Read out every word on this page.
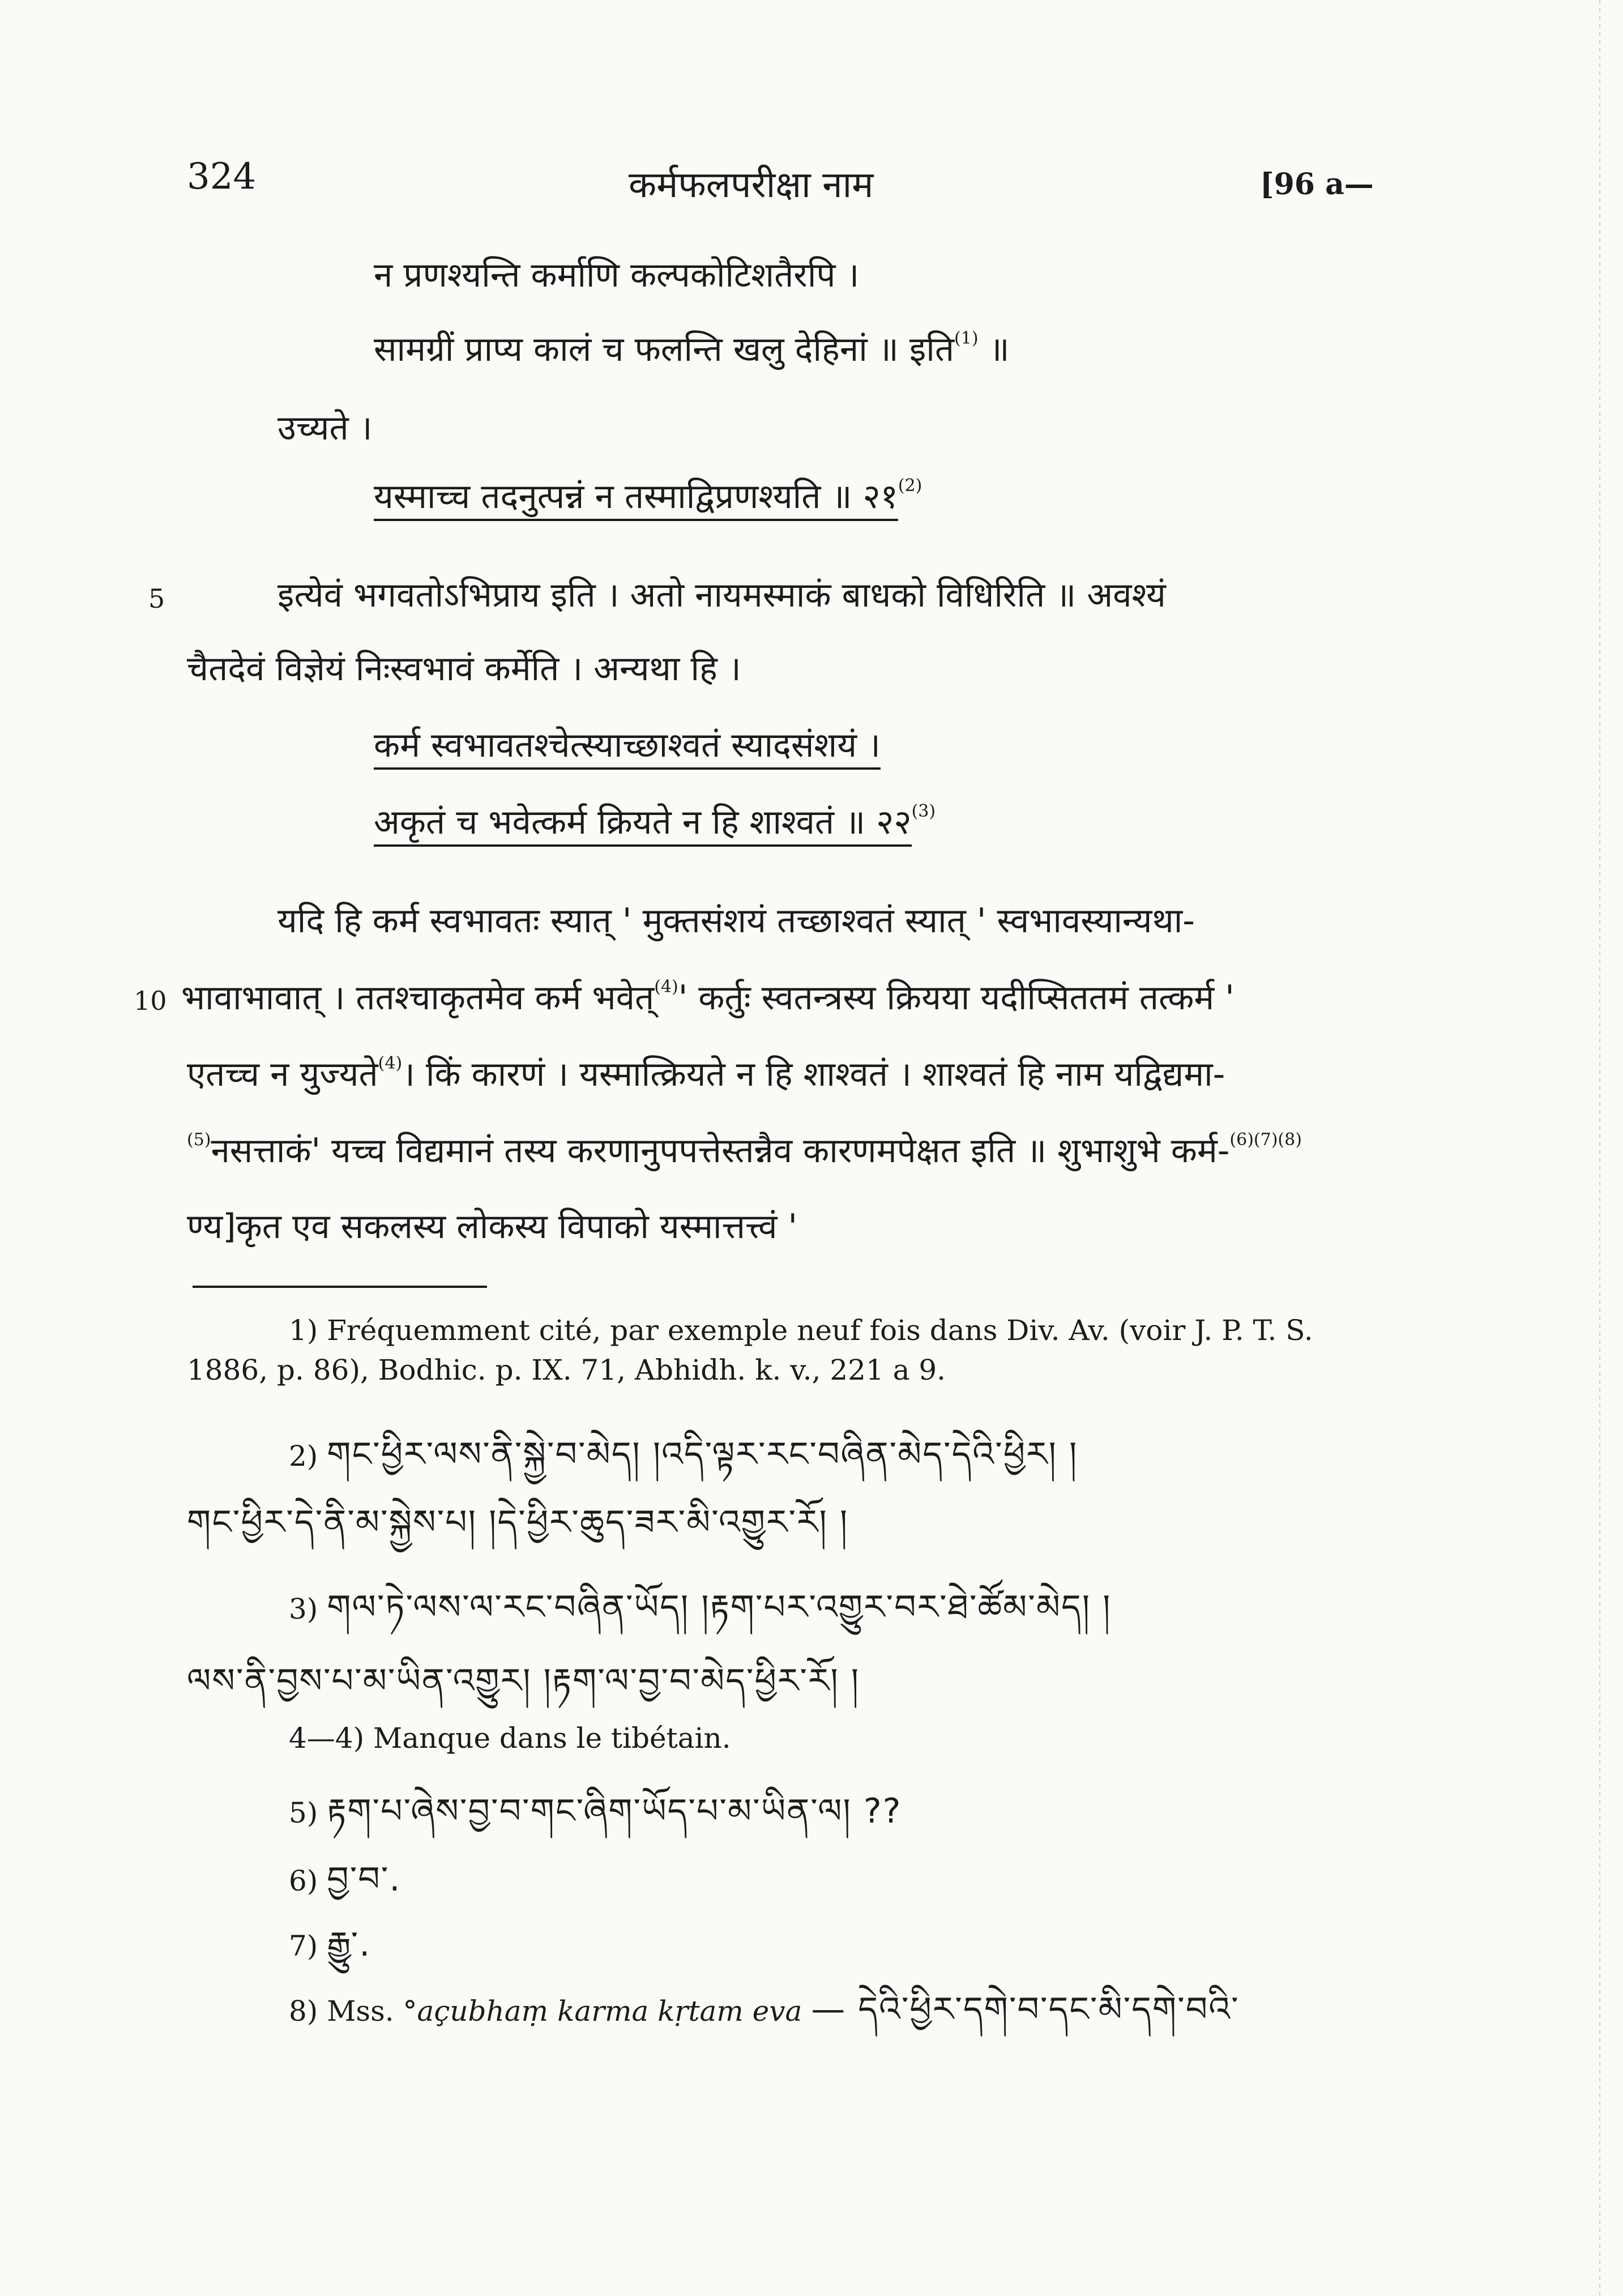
324	कर्मफलपरीक्षा नाम	[96 a—
न प्रणश्यन्ति कर्माणि कल्पकोटिशतैरपि ।
सामग्रीं प्राप्य कालं च फलन्ति खलु देहिनां ॥ इति$^{(1)}$ ॥
उच्यते ।
यस्माच्च तदनुत्पन्नं न तस्माद्विप्रणश्यति ॥ २१$^{(2)}$
5	इत्येवं भगवतोऽभिप्राय इति । अतो नायमस्माकं बाधको विधिरिति ॥ अवश्यं
चैतदेवं विज्ञेयं निःस्वभावं कर्मेति । अन्यथा हि ।
कर्म स्वभावतश्चेत्स्याच्छाश्वतं स्यादसंशयं ।
अकृतं च भवेत्कर्म क्रियते न हि शाश्वतं ॥ २२$^{(3)}$
यदि हि कर्म स्वभावतः स्यात् ' मुक्तसंशयं तच्छाश्वतं स्यात् ' स्वभावस्यान्यथा-
10 भावाभावात् । ततश्चाकृतमेव कर्म भवेत्$^{(4)}$' कर्तुः स्वतन्त्रस्य क्रियया यदीप्सिततमं तत्कर्म '
एतच्च न युज्यते$^{(4)}$। किं कारणं । यस्मात्क्रियते न हि शाश्वतं । शाश्वतं हि नाम यद्विद्यमा-
$^{(5)}$नसत्ताकं' यच्च विद्यमानं तस्य करणानुपपत्तेस्तन्नैव कारणमपेक्षत इति ॥ शुभाशुभे कर्म-$^{(6)(7)(8)}$
ण्य]कृत एव सकलस्य लोकस्य विपाको यस्मात्तत्त्वं '
1) Fréquemment cité, par exemple neuf fois dans Div. Av. (voir J. P. T. S.
1886, p. 86), Bodhic. p. IX. 71, Abhidh. k. v., 221 a 9.
2) གང་ཕྱིར་ལས་ནི་སྐྱེ་བ་མེད། །འདི་ལྟར་རང་བཞིན་མེད་དེའི་ཕྱིར། །
གང་ཕྱིར་དེ་ནི་མ་སྐྱེས་པ། །དེ་ཕྱིར་ཆུད་ཟར་མི་འགྱུར་རོ། །
3) གལ་ཏེ་ལས་ལ་རང་བཞིན་ཡོད། །རྟག་པར་འགྱུར་བར་ཐེ་ཚོམ་མེད། །
ལས་ནི་བྱས་པ་མ་ཡིན་འགྱུར། །རྟག་ལ་བྱ་བ་མེད་ཕྱིར་རོ། །
4—4) Manque dans le tibétain.
5) རྟག་པ་ཞེས་བྱ་བ་གང་ཞིག་ཡོད་པ་མ་ཡིན་ལ། ??
6) བྱ་བ་.
7) རྒྱུ་.
8) Mss. °açubhaṃ karma kṛtam eva — དེའི་ཕྱིར་དགེ་བ་དང་མི་དགེ་བའི་
